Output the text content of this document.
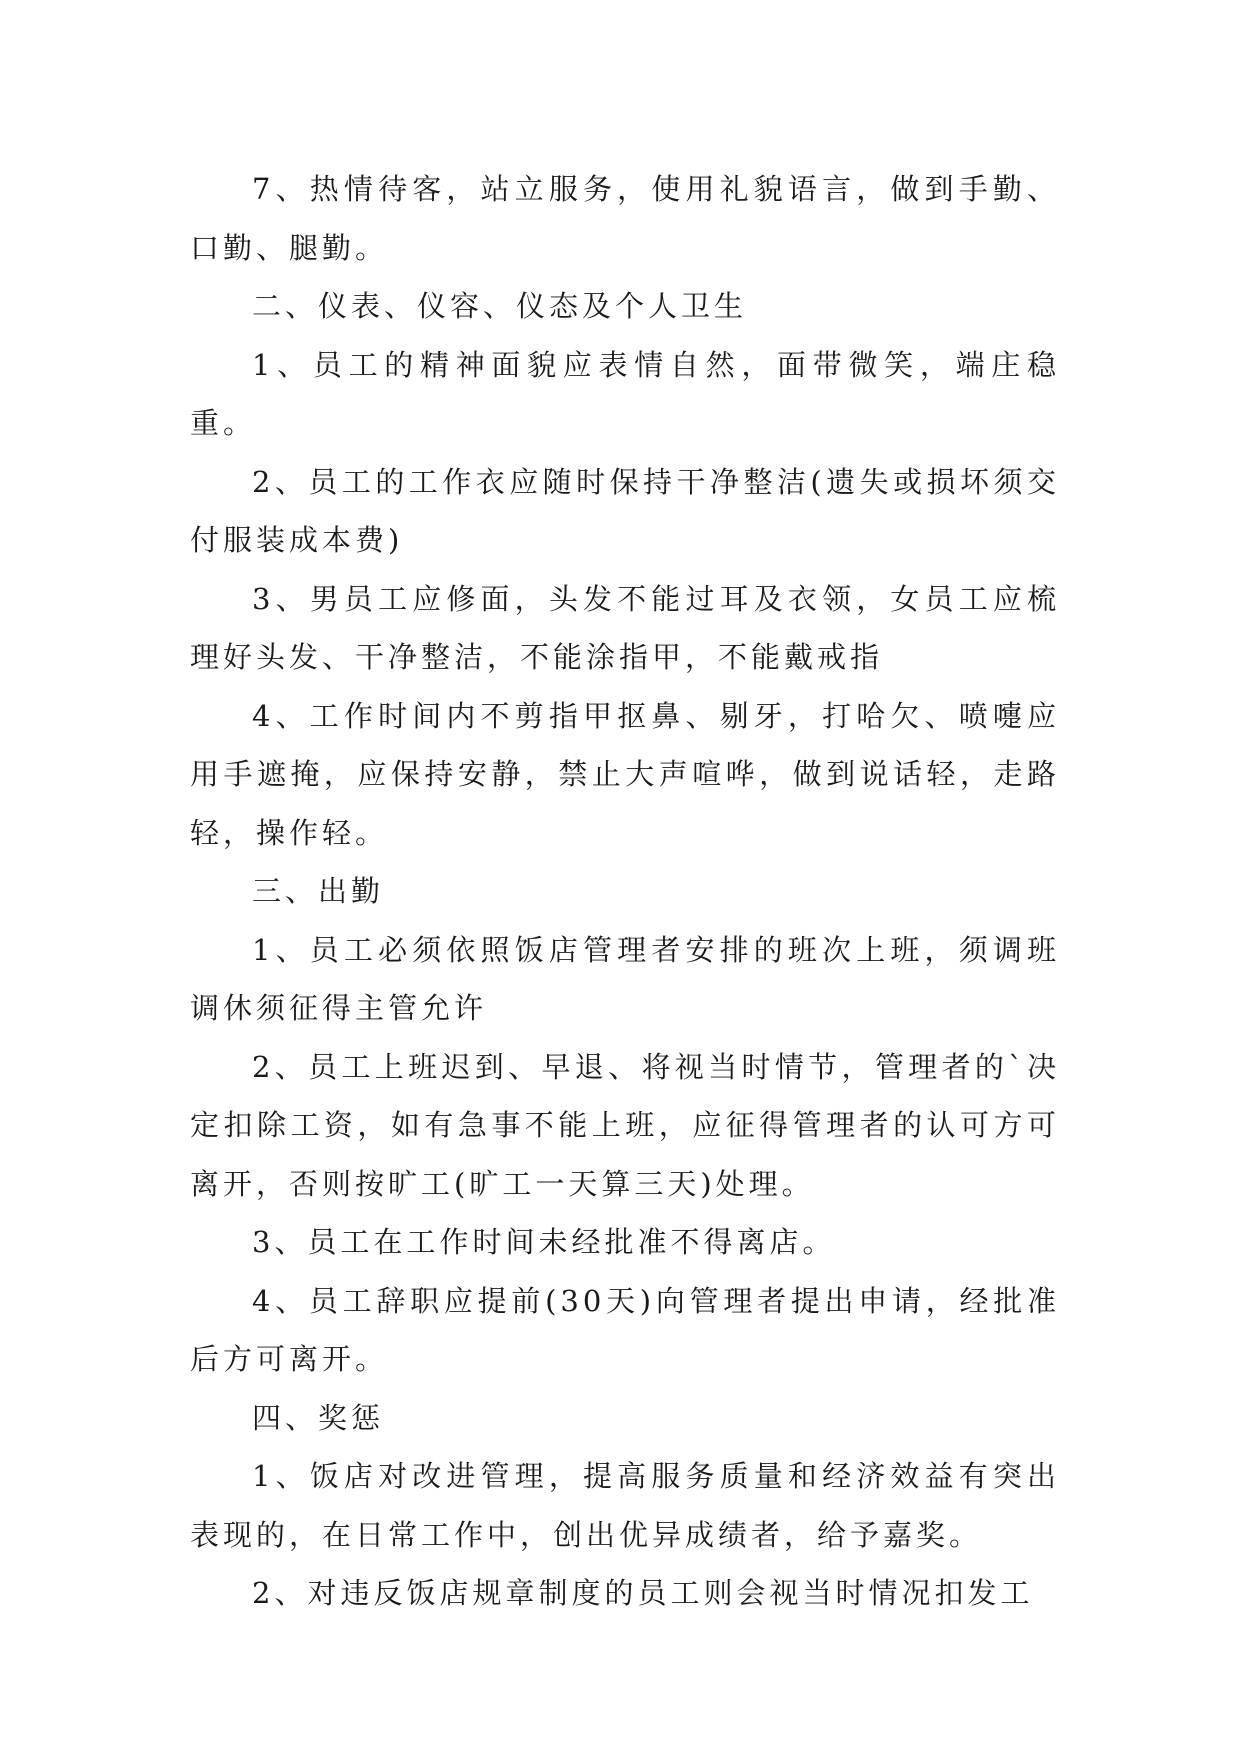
7、热情待客，站立服务，使用礼貌语言，做到手勤、口勤、腿勤。

二、仪表、仪容、仪态及个人卫生

1、员工的精神面貌应表情自然，面带微笑，端庄稳重。

2、员工的工作衣应随时保持干净整洁(遗失或损坏须交付服装成本费)

3、男员工应修面，头发不能过耳及衣领，女员工应梳理好头发、干净整洁，不能涂指甲，不能戴戒指

4、工作时间内不剪指甲抠鼻、剔牙，打哈欠、喷嚏应用手遮掩，应保持安静，禁止大声喧哗，做到说话轻，走路轻，操作轻。

三、出勤

1、员工必须依照饭店管理者安排的班次上班，须调班调休须征得主管允许

2、员工上班迟到、早退、将视当时情节，管理者的`决定扣除工资，如有急事不能上班，应征得管理者的认可方可离开，否则按旷工(旷工一天算三天)处理。

3、员工在工作时间未经批准不得离店。

4、员工辞职应提前(30天)向管理者提出申请，经批准后方可离开。

四、奖惩

1、饭店对改进管理，提高服务质量和经济效益有突出表现的，在日常工作中，创出优异成绩者，给予嘉奖。

2、对违反饭店规章制度的员工则会视当时情况扣发工
